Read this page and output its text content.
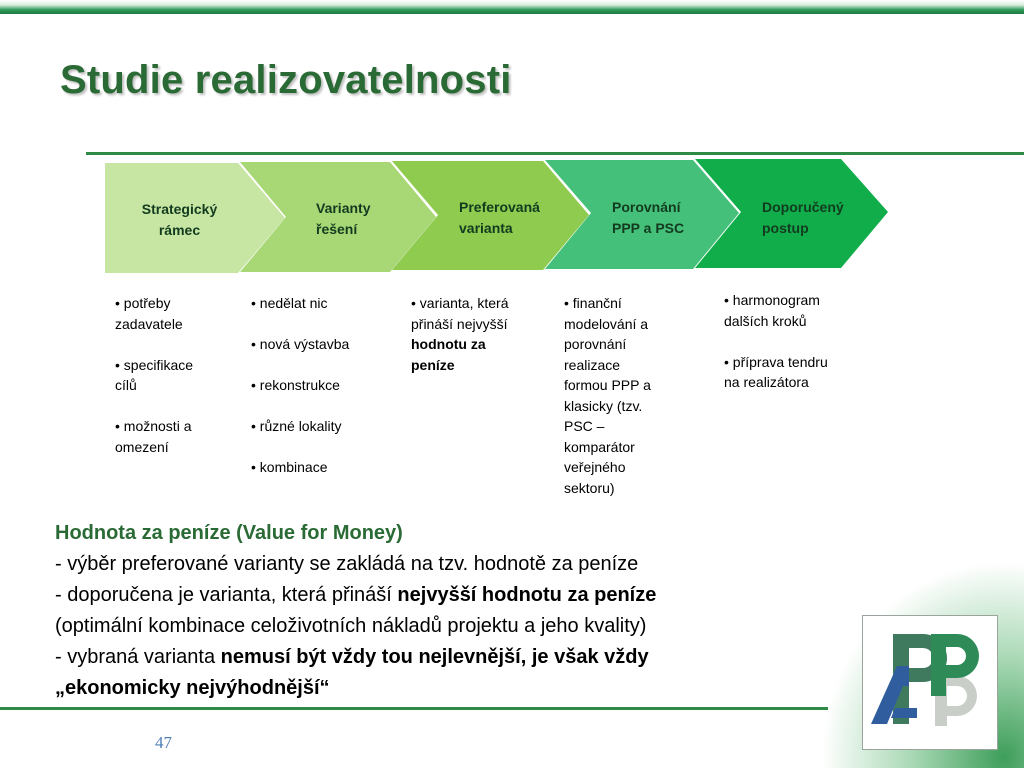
Studie realizovatelnosti
Strategický
rámec
Varianty
řešení
Preferovaná
varianta
Porovnání
PPP a PSC
Doporučený
postup

• potřeby
zadavatele

• specifikace
cílů

• možnosti a
omezení

• nedělat nic

• nová výstavba

• rekonstrukce

• různé lokality

• kombinace

• varianta, která
přináší nejvyšší
hodnotu za
peníze
• finanční
modelování a
porovnání
realizace
formou PPP a
klasicky (tzv.
PSC –
komparátor
veřejného
sektoru)

• harmonogram
dalších kroků

• příprava tendru
na realizátora

Hodnota za peníze (Value for Money)
- výběr preferované varianty se zakládá na tzv. hodnotě za peníze
- doporučena je varianta, která přináší nejvyšší hodnotu za peníze
(optimální kombinace celoživotních nákladů projektu a jeho kvality)
- vybraná varianta nemusí být vždy tou nejlevnější, je však vždy
„ekonomicky nejvýhodnější“
47
